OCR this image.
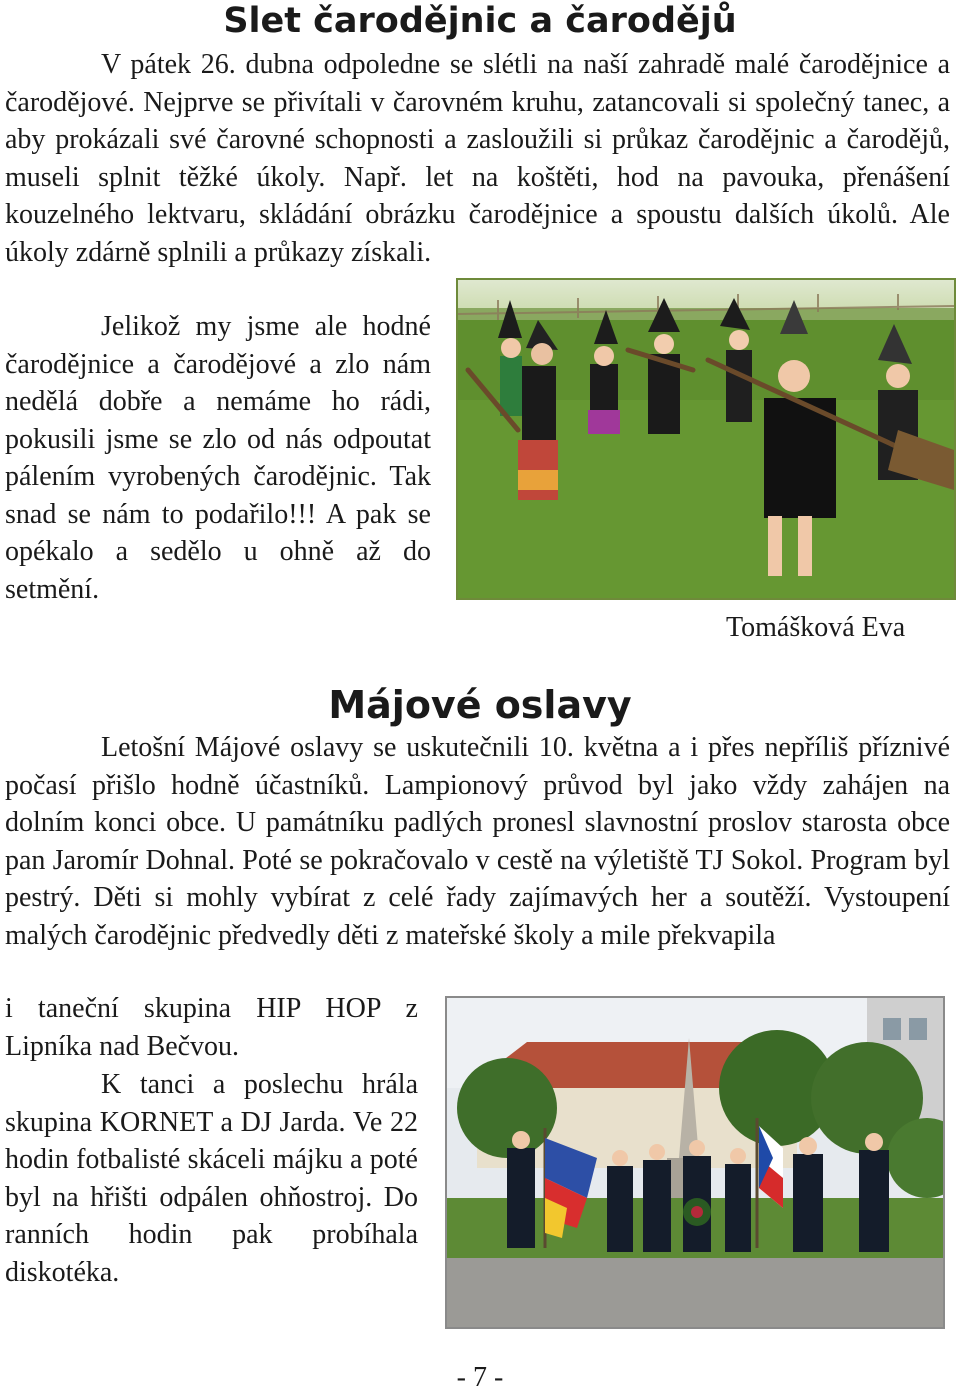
Slet čarodějnic a čarodějů

V pátek 26. dubna odpoledne se slétli na naší zahradě malé čarodějnice a čarodějové. Nejprve se přivítali v čarovném kruhu, zatancovali si společný tanec, a aby prokázali své čarovné schopnosti a zasloužili si průkaz čarodějnic a čarodějů, museli splnit těžké úkoly. Např. let na koštěti, hod na pavouka, přenášení kouzelného lektvaru, skládání obrázku čarodějnice a spoustu dalších úkolů. Ale úkoly zdárně splnili a průkazy získali.

Jelikož my jsme ale hodné čarodějnice a čarodějové a zlo nám nedělá dobře a nemáme ho rádi, pokusili jsme se zlo od nás odpoutat pálením vyrobených čarodějnic. Tak snad se nám to podařilo!!! A pak se opékalo a sedělo u ohně až do setmění.

Tomášková Eva
Májové oslavy

Letošní Májové oslavy se uskutečnili 10. května a i přes nepříliš příznivé počasí přišlo hodně účastníků. Lampionový průvod byl jako vždy zahájen na dolním konci obce. U památníku padlých pronesl slavnostní proslov starosta obce pan Jaromír Dohnal. Poté se pokračovalo v cestě na výletiště TJ Sokol. Program byl pestrý. Děti si mohly vybírat z celé řady zajímavých her a soutěží. Vystoupení malých čarodějnic předvedly děti z mateřské školy a mile překvapila

i taneční skupina HIP HOP z Lipníka nad Bečvou.

K tanci a poslechu hrála skupina KORNET a DJ Jarda. Ve 22 hodin fotbalisté skáceli májku a poté byl na hřišti odpálen ohňostroj. Do ranních hodin pak probíhala diskotéka.

- 7 -
